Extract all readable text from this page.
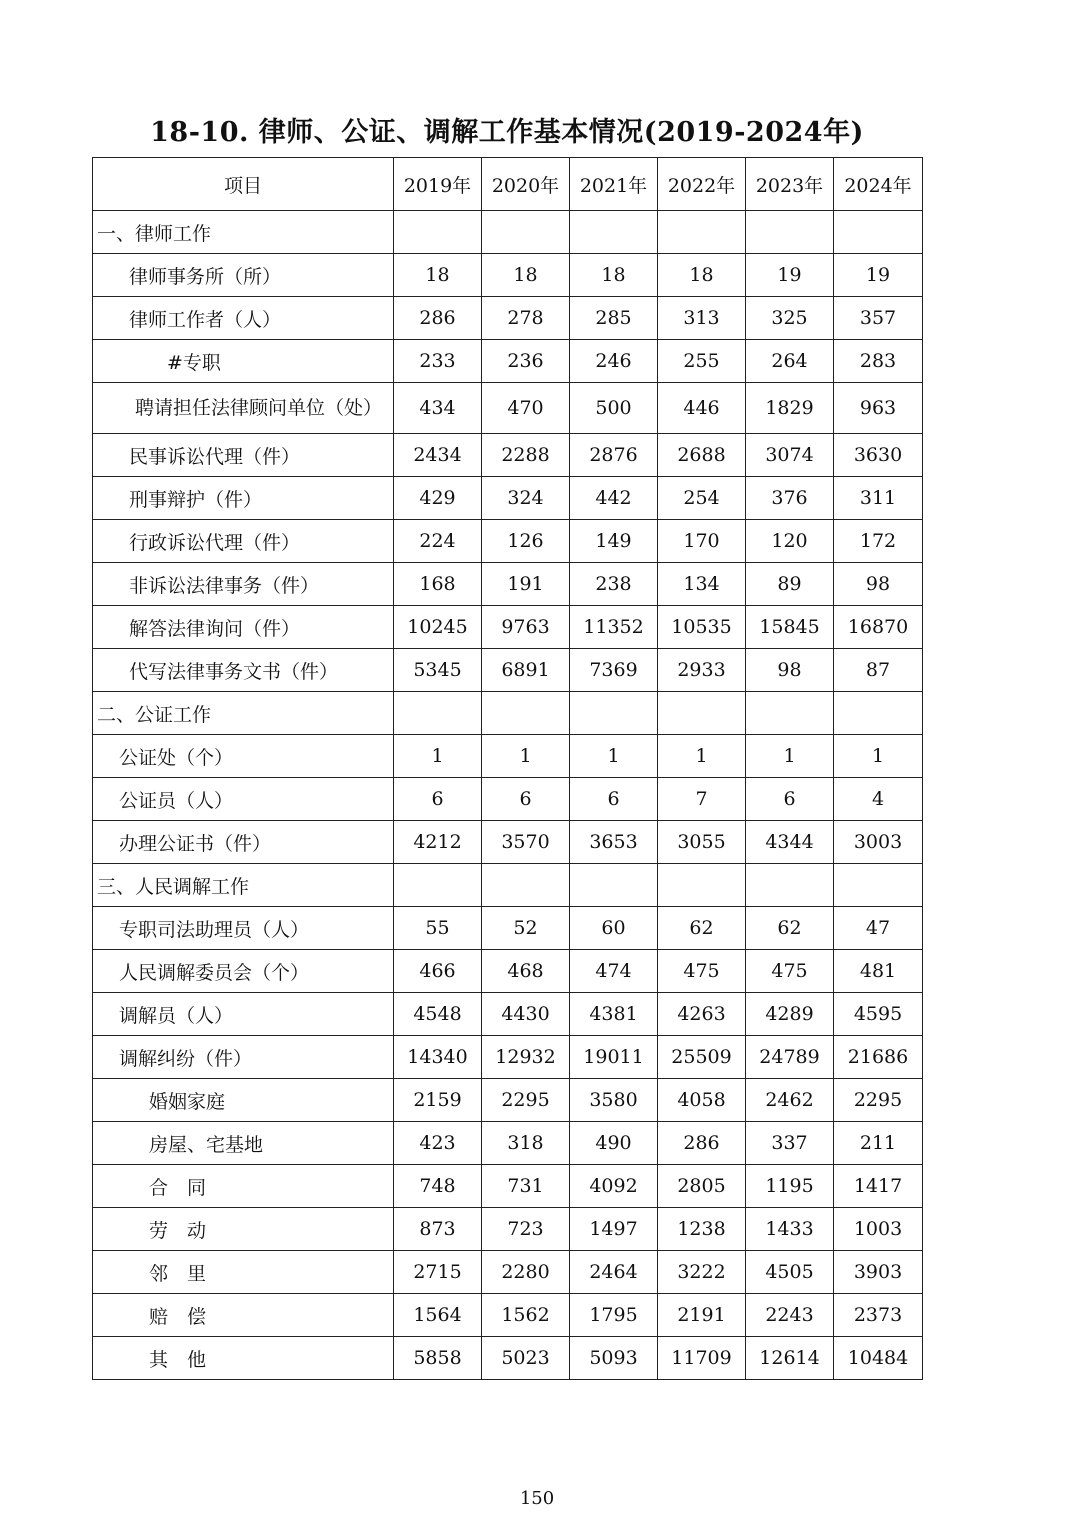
18-10. 律师、公证、调解工作基本情况(2019-2024年)
项目	2019年	2020年	2021年	2022年	2023年	2024年
一、律师工作						
律师事务所（所）	18	18	18	18	19	19
律师工作者（人）	286	278	285	313	325	357
#专职	233	236	246	255	264	283
聘请担任法律顾问单位（处）	434	470	500	446	1829	963
民事诉讼代理（件）	2434	2288	2876	2688	3074	3630
刑事辩护（件）	429	324	442	254	376	311
行政诉讼代理（件）	224	126	149	170	120	172
非诉讼法律事务（件）	168	191	238	134	89	98
解答法律询问（件）	10245	9763	11352	10535	15845	16870
代写法律事务文书（件）	5345	6891	7369	2933	98	87
二、公证工作						
公证处（个）	1	1	1	1	1	1
公证员（人）	6	6	6	7	6	4
办理公证书（件）	4212	3570	3653	3055	4344	3003
三、人民调解工作						
专职司法助理员（人）	55	52	60	62	62	47
人民调解委员会（个）	466	468	474	475	475	481
调解员（人）	4548	4430	4381	4263	4289	4595
调解纠纷（件）	14340	12932	19011	25509	24789	21686
婚姻家庭	2159	2295	3580	4058	2462	2295
房屋、宅基地	423	318	490	286	337	211
合　同	748	731	4092	2805	1195	1417
劳　动	873	723	1497	1238	1433	1003
邻　里	2715	2280	2464	3222	4505	3903
赔　偿	1564	1562	1795	2191	2243	2373
其　他	5858	5023	5093	11709	12614	10484
150
